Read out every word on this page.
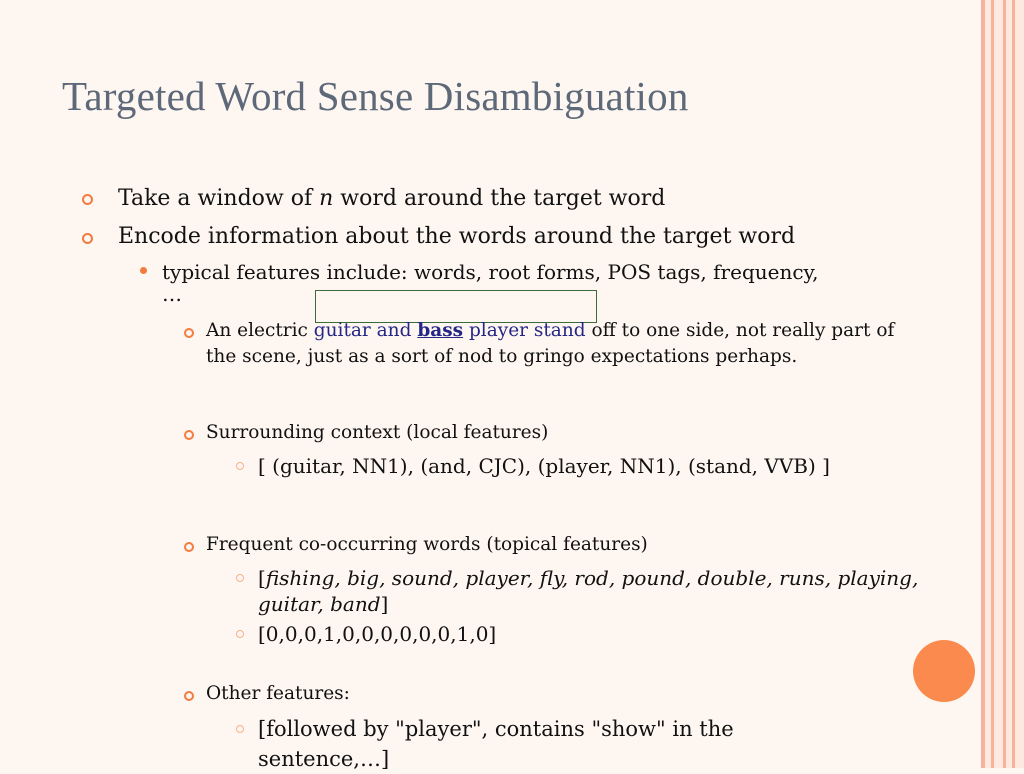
Targeted Word Sense Disambiguation
Take a window of n word around the target word
Encode information about the words around the target word
typical features include: words, root forms, POS tags, frequency,
…
An electric guitar and bass player stand off to one side, not really part of the scene, just as a sort of nod to gringo expectations perhaps.
Surrounding context (local features)
[ (guitar, NN1), (and, CJC), (player, NN1), (stand, VVB) ]
Frequent co-occurring words (topical features)
[fishing, big, sound, player, fly, rod, pound, double, runs, playing, guitar, band]
[0,0,0,1,0,0,0,0,0,0,1,0]
Other features:
[followed by "player", contains "show" in the sentence,…]
